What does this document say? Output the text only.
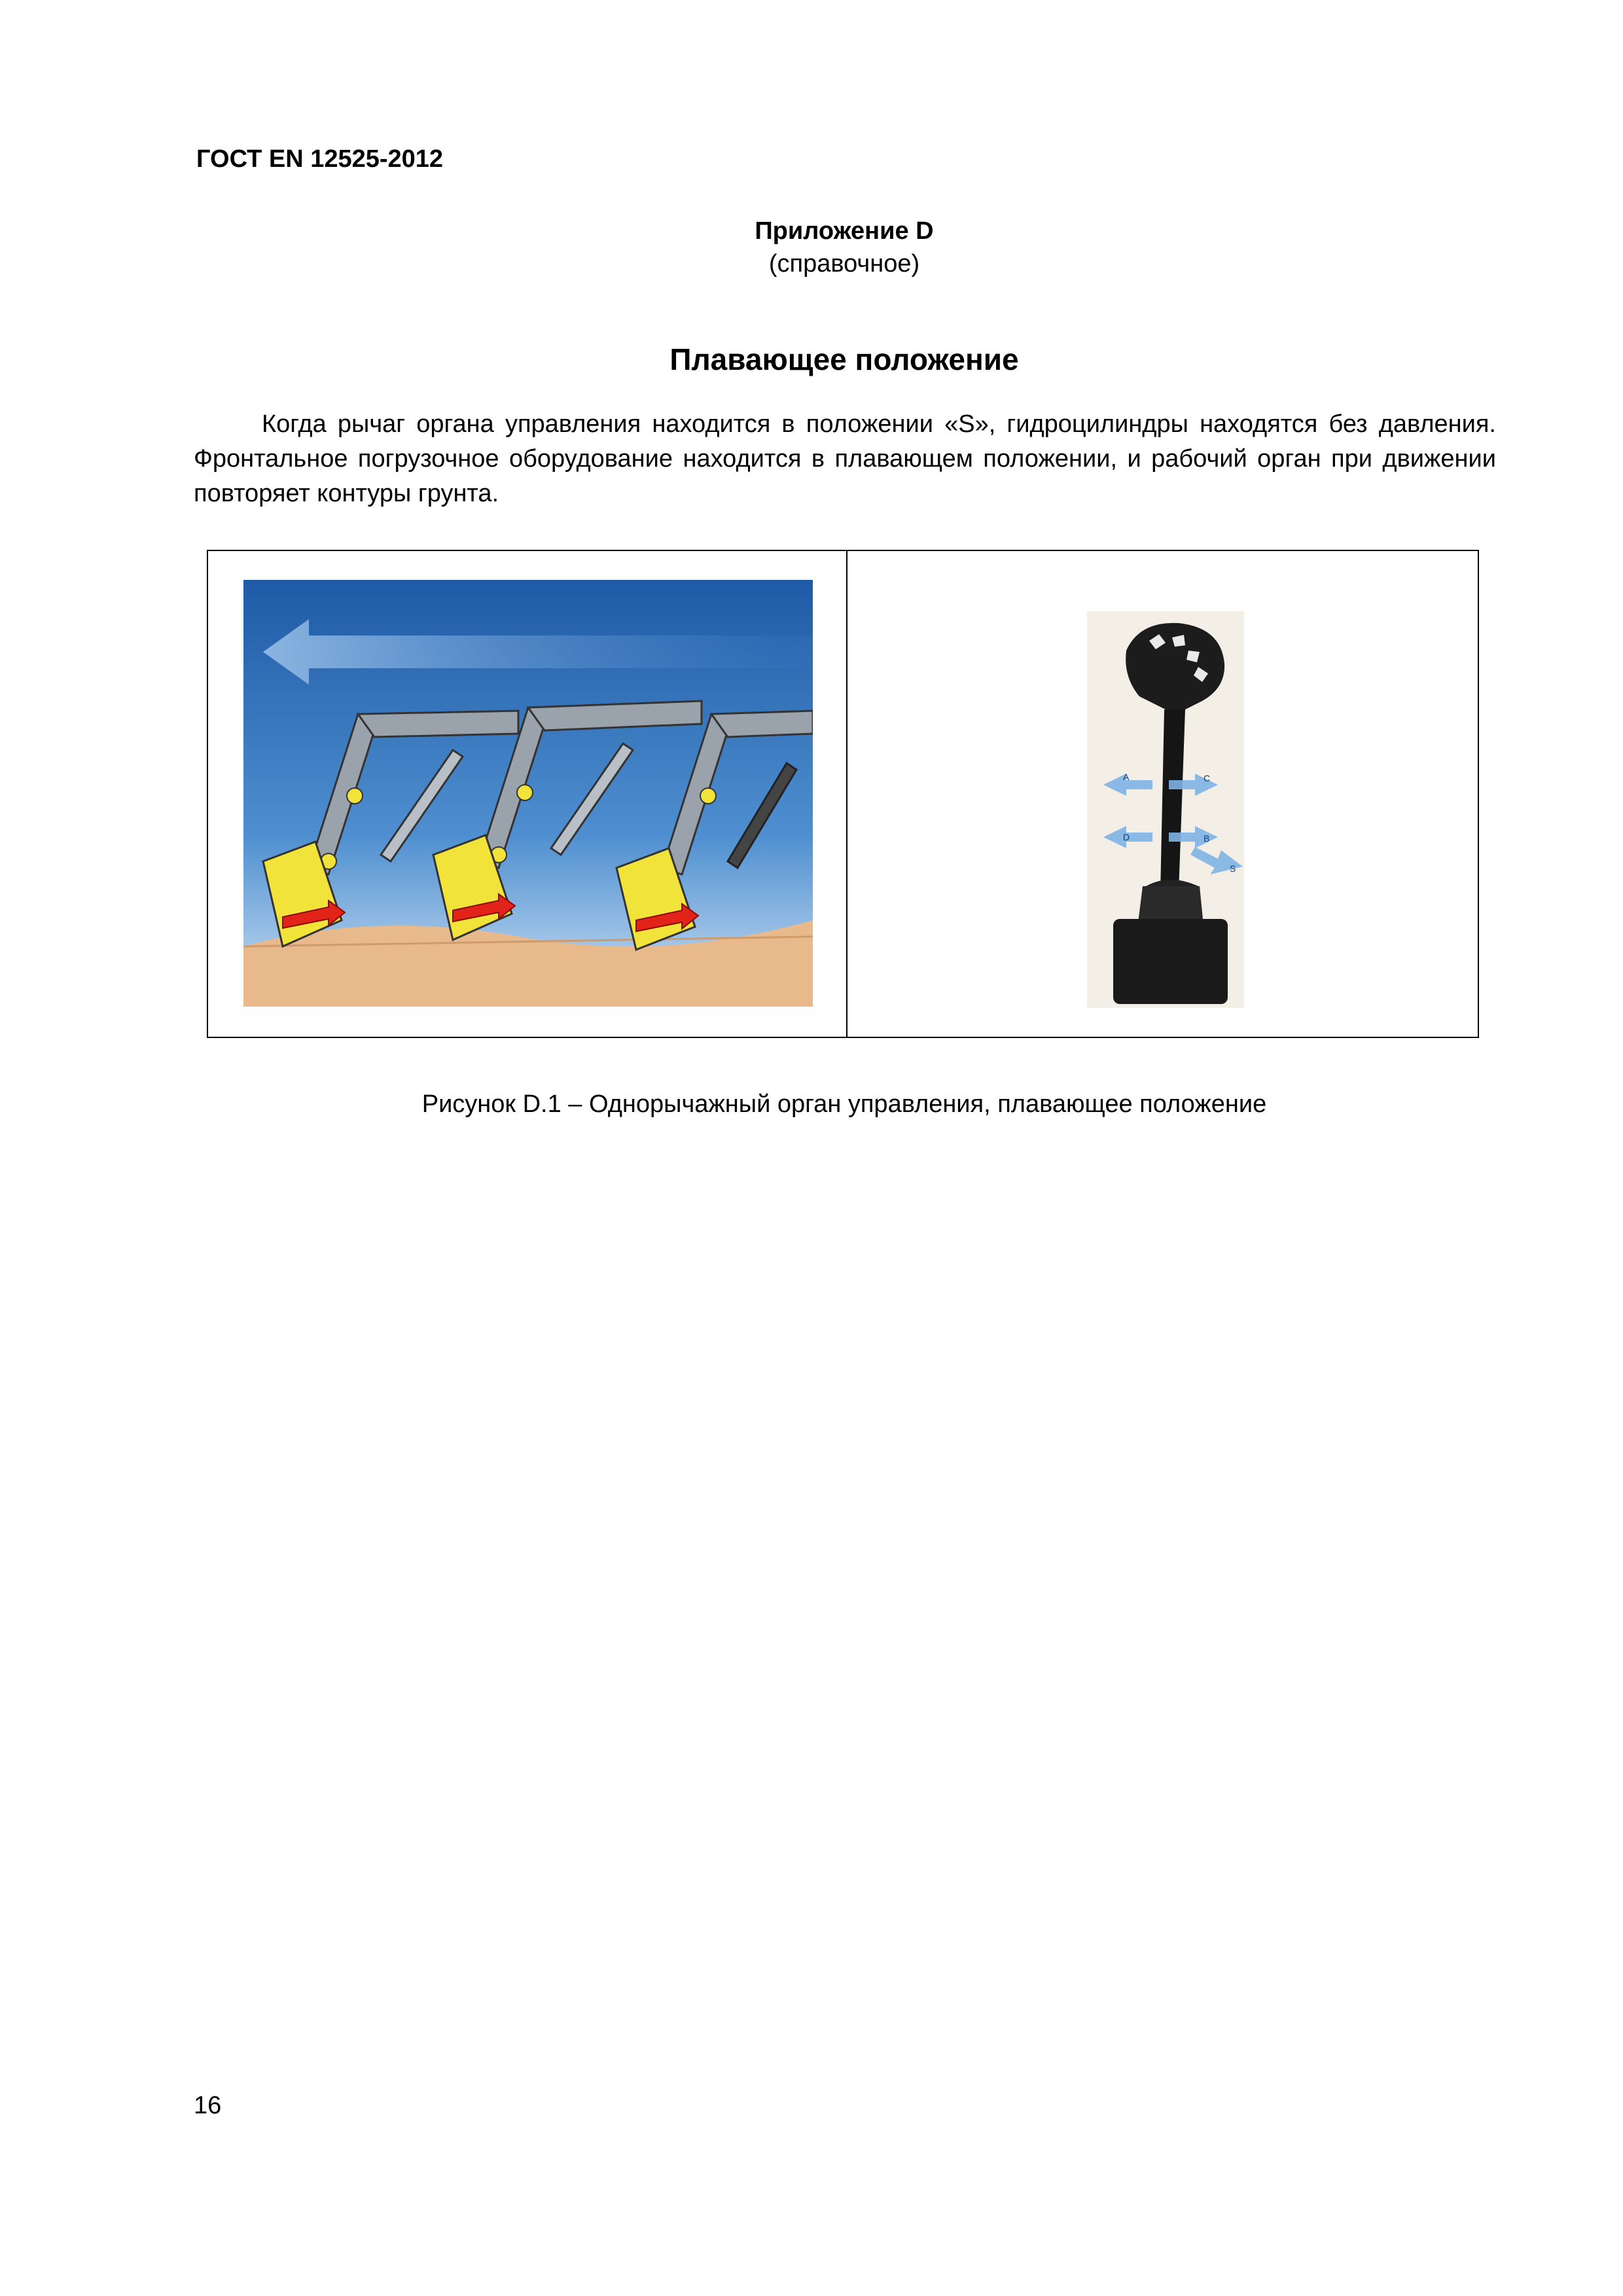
ГОСТ EN 12525-2012
Приложение D
(справочное)
Плавающее положение
Когда рычаг органа управления находится в положении «S», гидроцилиндры находятся без давления. Фронтальное погрузочное оборудование находится в плавающем положении, и рабочий орган при движении повторяет контуры грунта.
A	C
D	B
S
Рисунок D.1 – Однорычажный орган управления, плавающее положение
16
